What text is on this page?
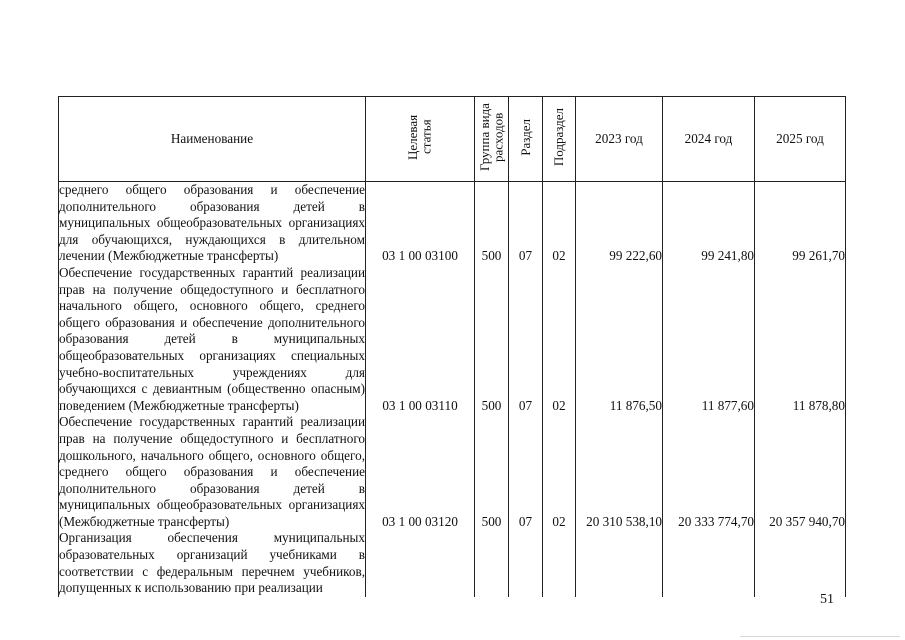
Наименование	Целевая статья	Группа вида расходов	Раздел	Подраздел	2023 год	2024 год	2025 год
среднего общего образования и обеспечение дополнительного образования детей в муниципальных общеобразовательных организациях для обучающихся, нуждающихся в длительном лечении (Межбюджетные трансферты)	03 1 00 03100	500	07	02	99 222,60	99 241,80	99 261,70
Обеспечение государственных гарантий реализации прав на получение общедоступного и бесплатного начального общего, основного общего, среднего общего образования и обеспечение дополнительного образования детей в муниципальных общеобразовательных организациях специальных учебно-воспитательных учреждениях для обучающихся с девиантным (общественно опасным) поведением (Межбюджетные трансферты)	03 1 00 03110	500	07	02	11 876,50	11 877,60	11 878,80
Обеспечение государственных гарантий реализации прав на получение общедоступного и бесплатного дошкольного, начального общего, основного общего, среднего общего образования и обеспечение дополнительного образования детей в муниципальных общеобразовательных организациях (Межбюджетные трансферты)	03 1 00 03120	500	07	02	20 310 538,10	20 333 774,70	20 357 940,70
Организация обеспечения муниципальных образовательных организаций учебниками в соответствии с федеральным перечнем учебников, допущенных к использованию при реализации							
51
